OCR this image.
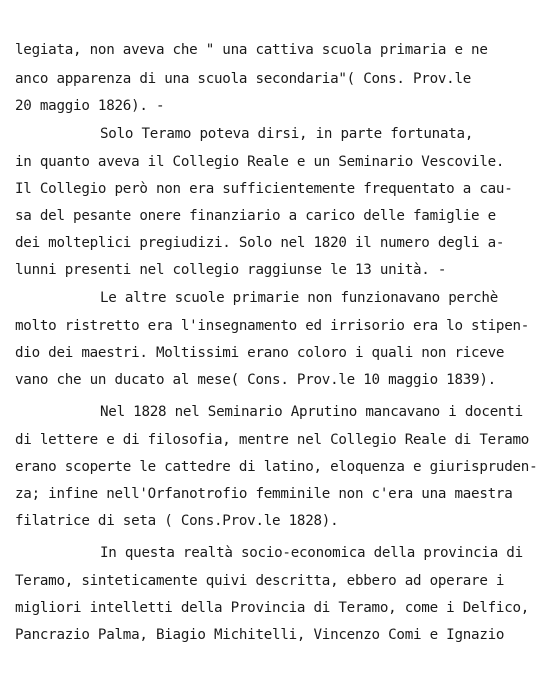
legiata, non aveva che " una cattiva scuola primaria e ne
anco apparenza di una scuola secondaria"( Cons. Prov.le
20 maggio 1826). -
Solo Teramo poteva dirsi, in parte fortunata,
in quanto aveva il Collegio Reale e un Seminario Vescovile.
Il Collegio però non era sufficientemente frequentato a cau-
sa del pesante onere finanziario a carico delle famiglie e
dei molteplici pregiudizi. Solo nel 1820 il numero degli a-
lunni presenti nel collegio raggiunse le 13 unità. -
Le altre scuole primarie non funzionavano perchè
molto ristretto era l'insegnamento ed irrisorio era lo stipen-
dio dei maestri. Moltissimi erano coloro i quali non riceve
vano che un ducato al mese( Cons. Prov.le 10 maggio 1839).
Nel 1828 nel Seminario Aprutino mancavano i docenti
di lettere e di filosofia, mentre nel Collegio Reale di Teramo
erano scoperte le cattedre di latino, eloquenza e giurispruden-
za; infine nell'Orfanotrofio femminile non c'era una maestra
filatrice di seta ( Cons.Prov.le 1828).
In questa realtà socio-economica della provincia di
Teramo, sinteticamente quivi descritta, ebbero ad operare i
migliori intelletti della Provincia di Teramo, come i Delfico,
Pancrazio Palma, Biagio Michitelli, Vincenzo Comi e Ignazio
